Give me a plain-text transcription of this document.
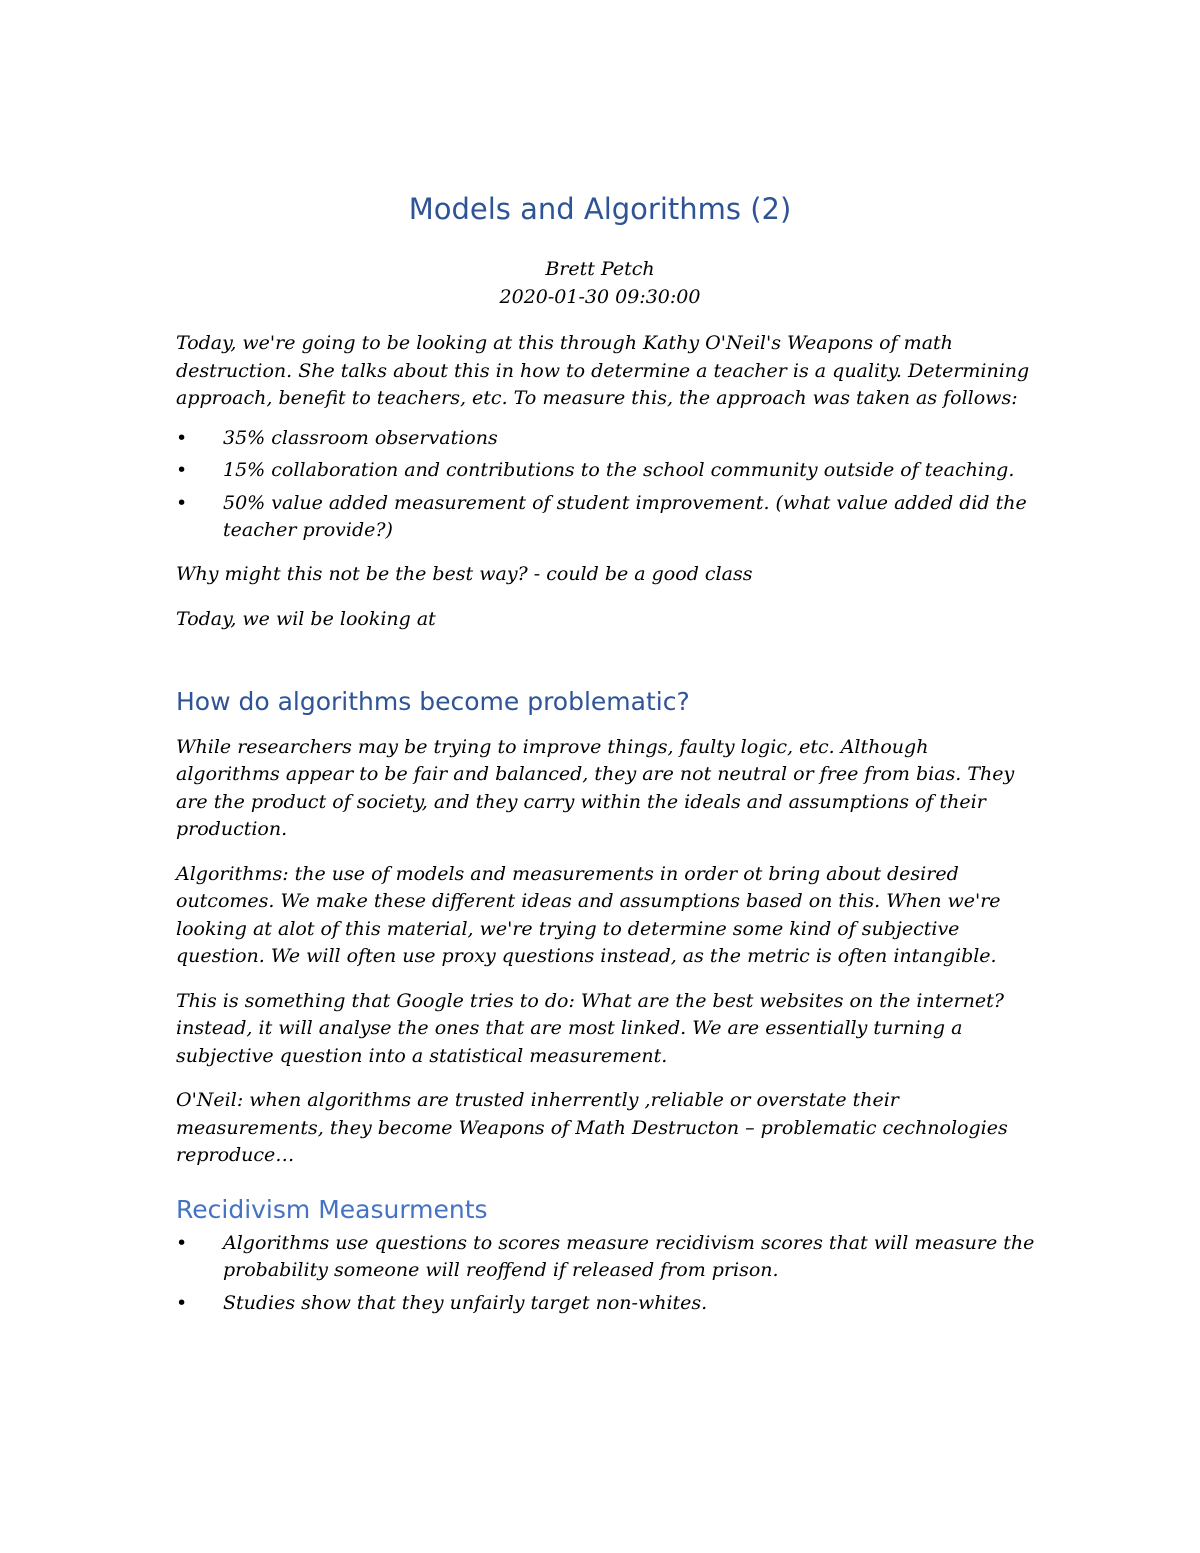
Models and Algorithms (2)

Brett Petch

2020-01-30 09:30:00

Today, we're going to be looking at this through Kathy O'Neil's Weapons of math destruction. She talks about this in how to determine a teacher is a quality. Determining approach, benefit to teachers, etc. To measure this, the approach was taken as follows:

• 35% classroom observations
• 15% collaboration and contributions to the school community outside of teaching.
• 50% value added measurement of student improvement. (what value added did the teacher provide?)

Why might this not be the best way? - could be a good class

Today, we wil be looking at

How do algorithms become problematic?

While researchers may be trying to improve things, faulty logic, etc. Although algorithms appear to be fair and balanced, they are not neutral or free from bias. They are the product of society, and they carry within the ideals and assumptions of their production.

Algorithms: the use of models and measurements in order ot bring about desired outcomes. We make these different ideas and assumptions based on this. When we're looking at alot of this material, we're trying to determine some kind of subjective question. We will often use proxy questions instead, as the metric is often intangible.

This is something that Google tries to do: What are the best websites on the internet? instead, it will analyse the ones that are most linked. We are essentially turning a subjective question into a statistical measurement.

O'Neil: when algorithms are trusted inherrently ,reliable or overstate their measurements, they become Weapons of Math Destructon – problematic cechnologies reproduce…

Recidivism Measurments
• Algorithms use questions to scores measure recidivism scores that will measure the probability someone will reoffend if released from prison.
• Studies show that they unfairly target non-whites.
